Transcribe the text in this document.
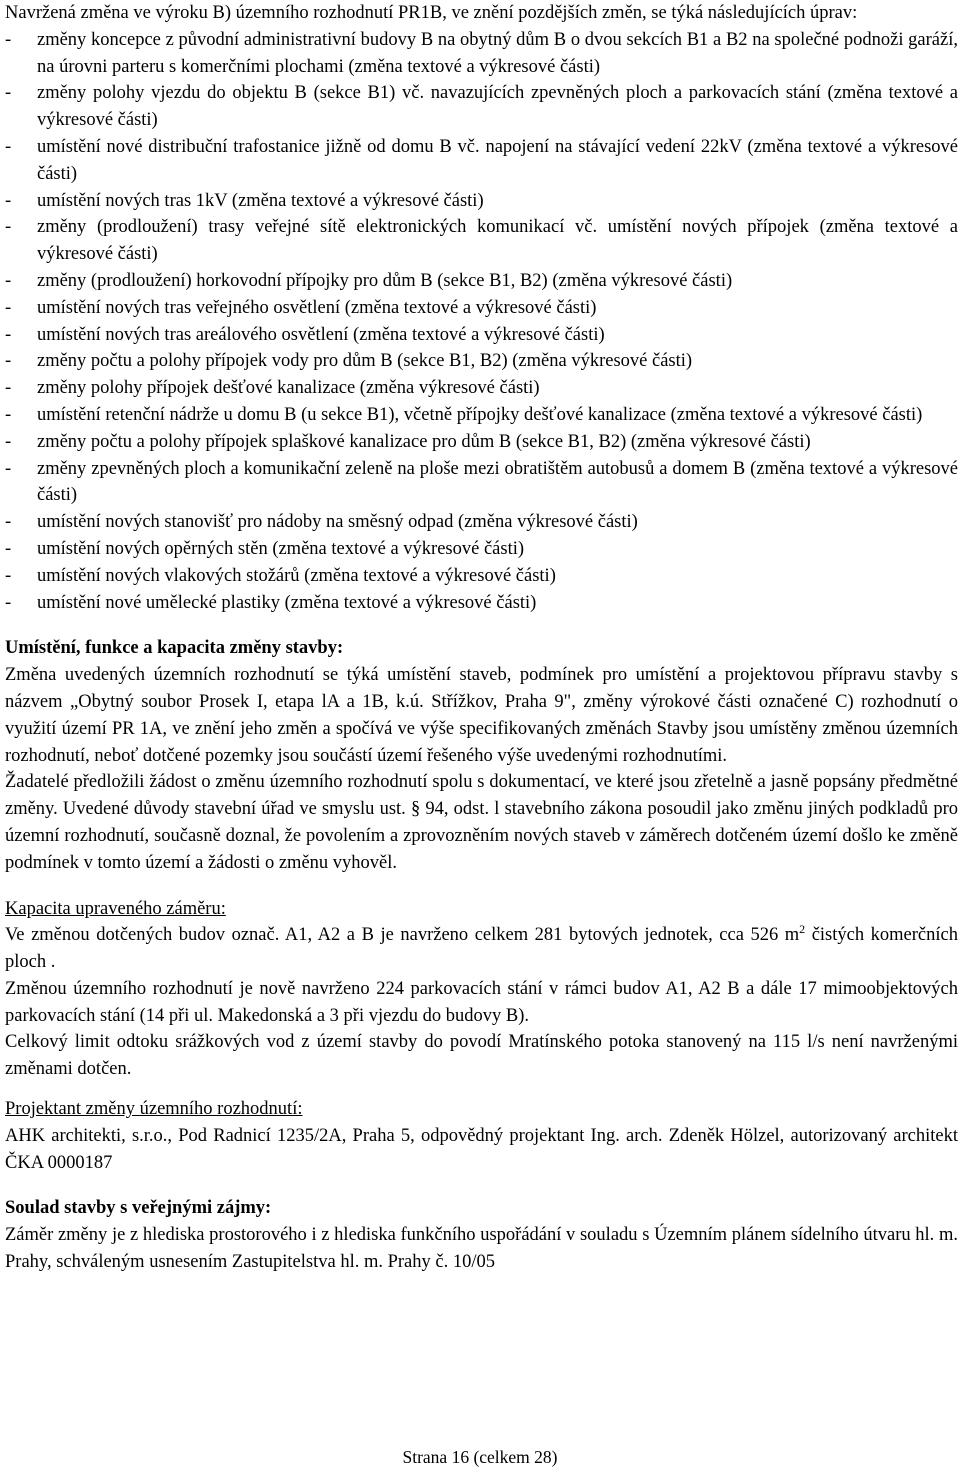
Navržená změna ve výroku B) územního rozhodnutí PR1B, ve znění pozdějších změn, se týká následujících úprav:

- změny koncepce z původní administrativní budovy B na obytný dům B o dvou sekcích B1 a B2 na společné podnoži garáží, na úrovni parteru s komerčními plochami (změna textové a výkresové části)
- změny polohy vjezdu do objektu B (sekce B1) vč. navazujících zpevněných ploch a parkovacích stání (změna textové a výkresové části)
- umístění nové distribuční trafostanice jižně od domu B vč. napojení na stávající vedení 22kV (změna textové a výkresové části)
- umístění nových tras 1kV (změna textové a výkresové části)
- změny (prodloužení) trasy veřejné sítě elektronických komunikací vč. umístění nových přípojek (změna textové a výkresové části)
- změny (prodloužení) horkovodní přípojky pro dům B (sekce B1, B2) (změna výkresové části)
- umístění nových tras veřejného osvětlení (změna textové a výkresové části)
- umístění nových tras areálového osvětlení (změna textové a výkresové části)
- změny počtu a polohy přípojek vody pro dům B (sekce B1, B2) (změna výkresové části)
- změny polohy přípojek dešťové kanalizace (změna výkresové části)
- umístění retenční nádrže u domu B (u sekce B1), včetně přípojky dešťové kanalizace (změna textové a výkresové části)
- změny počtu a polohy přípojek splaškové kanalizace pro dům B (sekce B1, B2) (změna výkresové části)
- změny zpevněných ploch a komunikační zeleně na ploše mezi obratištěm autobusů a domem B (změna textové a výkresové části)
- umístění nových stanovišť pro nádoby na směsný odpad (změna výkresové části)
- umístění nových opěrných stěn (změna textové a výkresové části)
- umístění nových vlakových stožárů (změna textové a výkresové části)
- umístění nové umělecké plastiky (změna textové a výkresové části)
Umístění, funkce a kapacita změny stavby:

Změna uvedených územních rozhodnutí se týká umístění staveb, podmínek pro umístění a projektovou přípravu stavby s názvem „Obytný soubor Prosek I, etapa lA a 1B, k.ú. Střížkov, Praha 9", změny výrokové části označené C) rozhodnutí o využití území PR 1A, ve znění jeho změn a spočívá ve výše specifikovaných změnách Stavby jsou umístěny změnou územních rozhodnutí, neboť dotčené pozemky jsou součástí území řešeného výše uvedenými rozhodnutími.

Žadatelé předložili žádost o změnu územního rozhodnutí spolu s dokumentací, ve které jsou zřetelně a jasně popsány předmětné změny. Uvedené důvody stavební úřad ve smyslu ust. § 94, odst. l stavebního zákona posoudil jako změnu jiných podkladů pro územní rozhodnutí, současně doznal, že povolením a zprovozněním nových staveb v záměrech dotčeném území došlo ke změně podmínek v tomto území a žádosti o změnu vyhověl.

Kapacita upraveného záměru:

Ve změnou dotčených budov označ. A1, A2 a B je navrženo celkem 281 bytových jednotek, cca 526 $m^2$ čistých komerčních ploch .

Změnou územního rozhodnutí je nově navrženo 224 parkovacích stání v rámci budov A1, A2 B a dále 17 mimoobjektových parkovacích stání (14 při ul. Makedonská a 3 při vjezdu do budovy B).

Celkový limit odtoku srážkových vod z území stavby do povodí Mratínského potoka stanovený na 115 l/s není navrženými změnami dotčen.

Projektant změny územního rozhodnutí:

AHK architekti, s.r.o., Pod Radnicí 1235/2A, Praha 5, odpovědný projektant Ing. arch. Zdeněk Hölzel, autorizovaný architekt ČKA 0000187

Soulad stavby s veřejnými zájmy:

Záměr změny je z hlediska prostorového i z hlediska funkčního uspořádání v souladu s Územním plánem sídelního útvaru hl. m. Prahy, schváleným usnesením Zastupitelstva hl. m. Prahy č. 10/05

Strana 16 (celkem 28)
